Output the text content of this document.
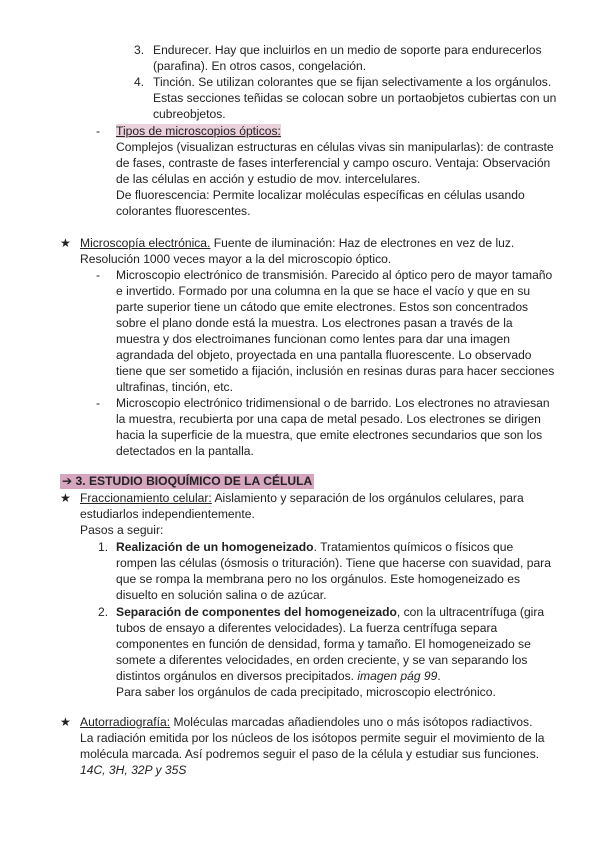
3. Endurecer. Hay que incluirlos en un medio de soporte para endurecerlos
(parafina). En otros casos, congelación.
4. Tinción. Se utilizan colorantes que se fijan selectivamente a los orgánulos.
Estas secciones teñidas se colocan sobre un portaobjetos cubiertas con un
cubreobjetos.
- Tipos de microscopios ópticos:
Complejos (visualizan estructuras en células vivas sin manipularlas): de contraste
de fases, contraste de fases interferencial y campo oscuro. Ventaja: Observación
de las células en acción y estudio de mov. intercelulares.
De fluorescencia: Permite localizar moléculas específicas en células usando
colorantes fluorescentes.
★ Microscopía electrónica. Fuente de iluminación: Haz de electrones en vez de luz.
Resolución 1000 veces mayor a la del microscopio óptico.
- Microscopio electrónico de transmisión. Parecido al óptico pero de mayor tamaño
e invertido. Formado por una columna en la que se hace el vacío y que en su
parte superior tiene un cátodo que emite electrones. Estos son concentrados
sobre el plano donde está la muestra. Los electrones pasan a través de la
muestra y dos electroimanes funcionan como lentes para dar una imagen
agrandada del objeto, proyectada en una pantalla fluorescente. Lo observado
tiene que ser sometido a fijación, inclusión en resinas duras para hacer secciones
ultrafinas, tinción, etc.
- Microscopio electrónico tridimensional o de barrido. Los electrones no atraviesan
la muestra, recubierta por una capa de metal pesado. Los electrones se dirigen
hacia la superficie de la muestra, que emite electrones secundarios que son los
detectados en la pantalla.
➔ 3. ESTUDIO BIOQUÍMICO DE LA CÉLULA
★ Fraccionamiento celular: Aislamiento y separación de los orgánulos celulares, para
estudiarlos independientemente.
Pasos a seguir:
1. Realización de un homogeneizado. Tratamientos químicos o físicos que
rompen las células (ósmosis o trituración). Tiene que hacerse con suavidad, para
que se rompa la membrana pero no los orgánulos. Este homogeneizado es
disuelto en solución salina o de azúcar.
2. Separación de componentes del homogeneizado, con la ultracentrífuga (gira
tubos de ensayo a diferentes velocidades). La fuerza centrífuga separa
componentes en función de densidad, forma y tamaño. El homogeneizado se
somete a diferentes velocidades, en orden creciente, y se van separando los
distintos orgánulos en diversos precipitados. imagen pág 99.
Para saber los orgánulos de cada precipitado, microscopio electrónico.
★ Autorradiografía: Moléculas marcadas añadiendoles uno o más isótopos radiactivos.
La radiación emitida por los núcleos de los isótopos permite seguir el movimiento de la
molécula marcada. Así podremos seguir el paso de la célula y estudiar sus funciones.
14C, 3H, 32P y 35S
